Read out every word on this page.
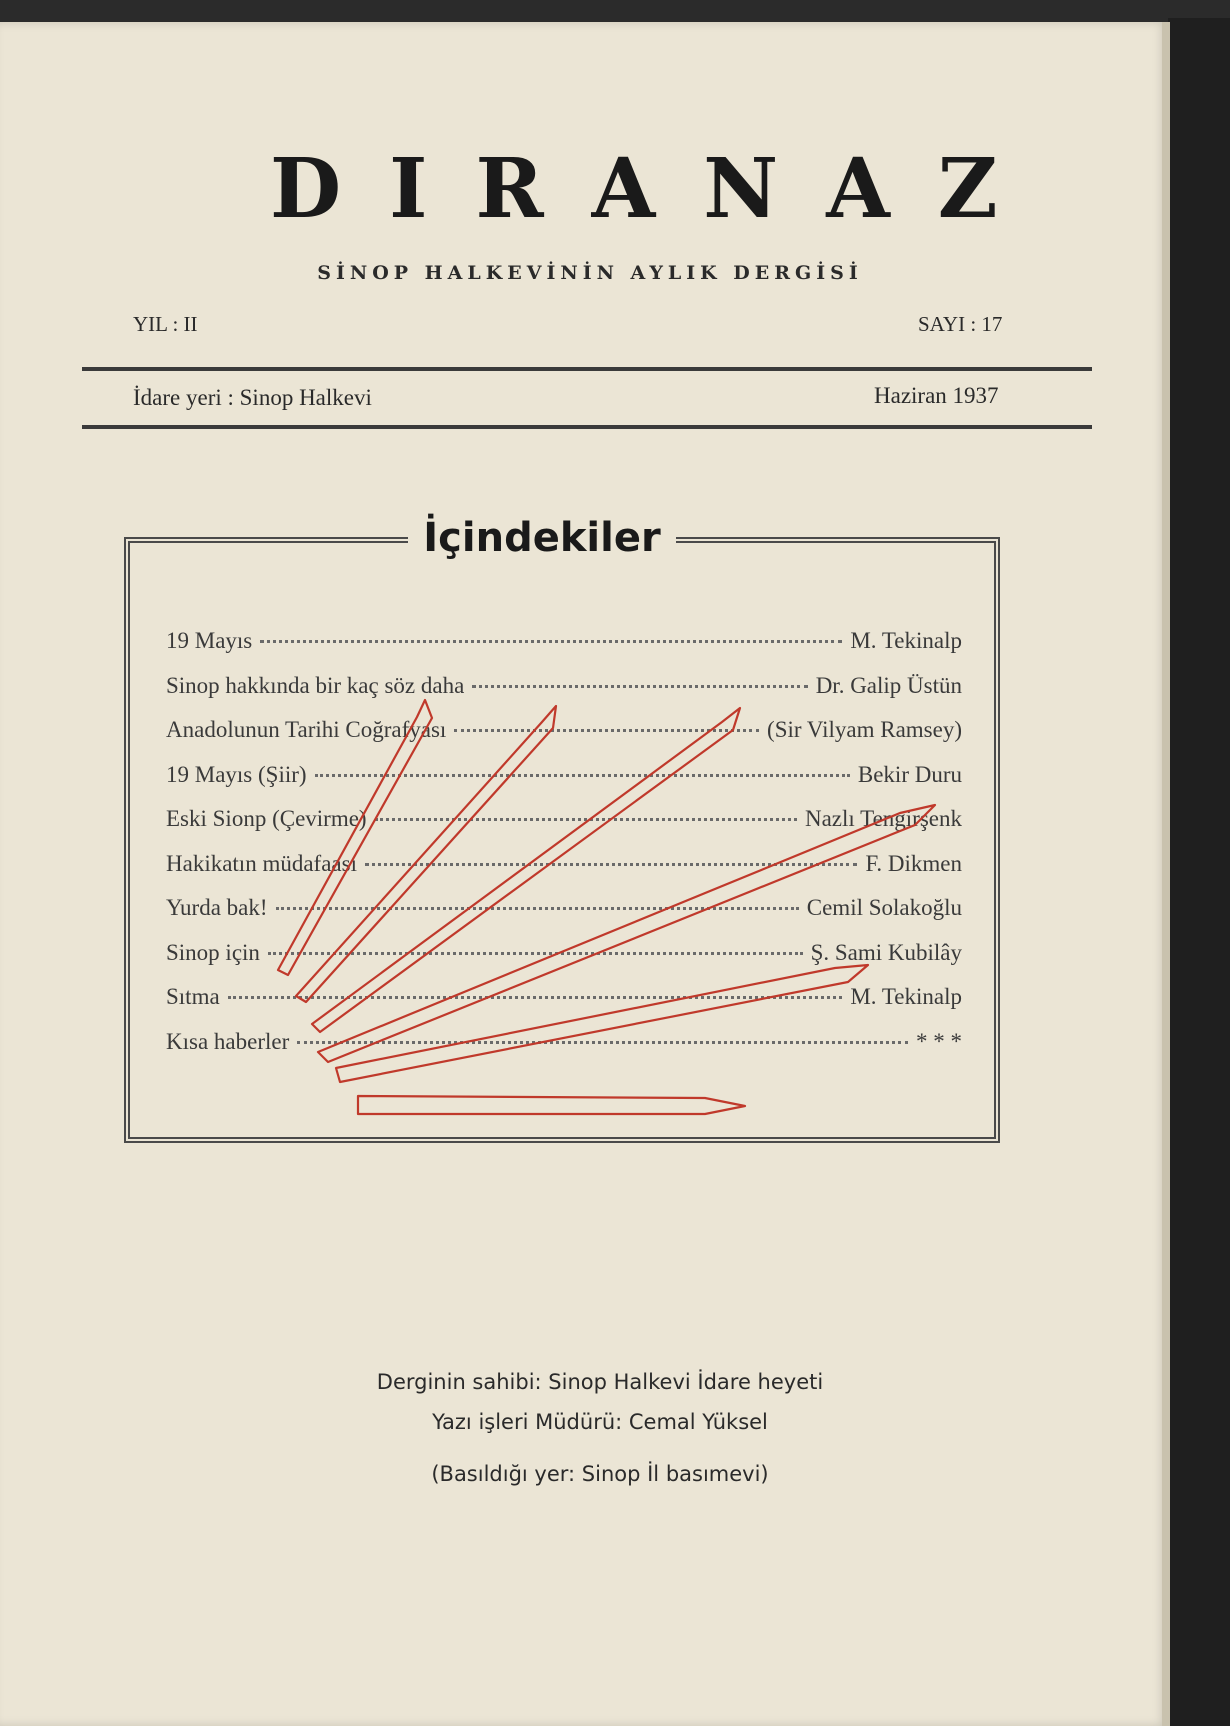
DIRANAZ
SİNOP HALKEVİNİN AYLIK DERGİSİ
YIL : II	SAYI : 17
İdare yeri : Sinop Halkevi	Haziran 1937
İçindekiler
19 Mayıs	M. Tekinalp
Sinop hakkında bir kaç söz daha	Dr. Galip Üstün
Anadolunun Tarihi Coğrafyası	(Sir Vilyam Ramsey)
19 Mayıs (Şiir)	Bekir Duru
Eski Sionp (Çevirme)	Nazlı Tengirşenk
Hakikatın müdafaası	F. Dikmen
Yurda bak!	Cemil Solakoğlu
Sinop için	Ş. Sami Kubilây
Sıtma	M. Tekinalp
Kısa haberler	* * *
Derginin sahibi: Sinop Halkevi İdare heyeti
Yazı işleri Müdürü: Cemal Yüksel
(Basıldığı yer: Sinop İl basımevi)
